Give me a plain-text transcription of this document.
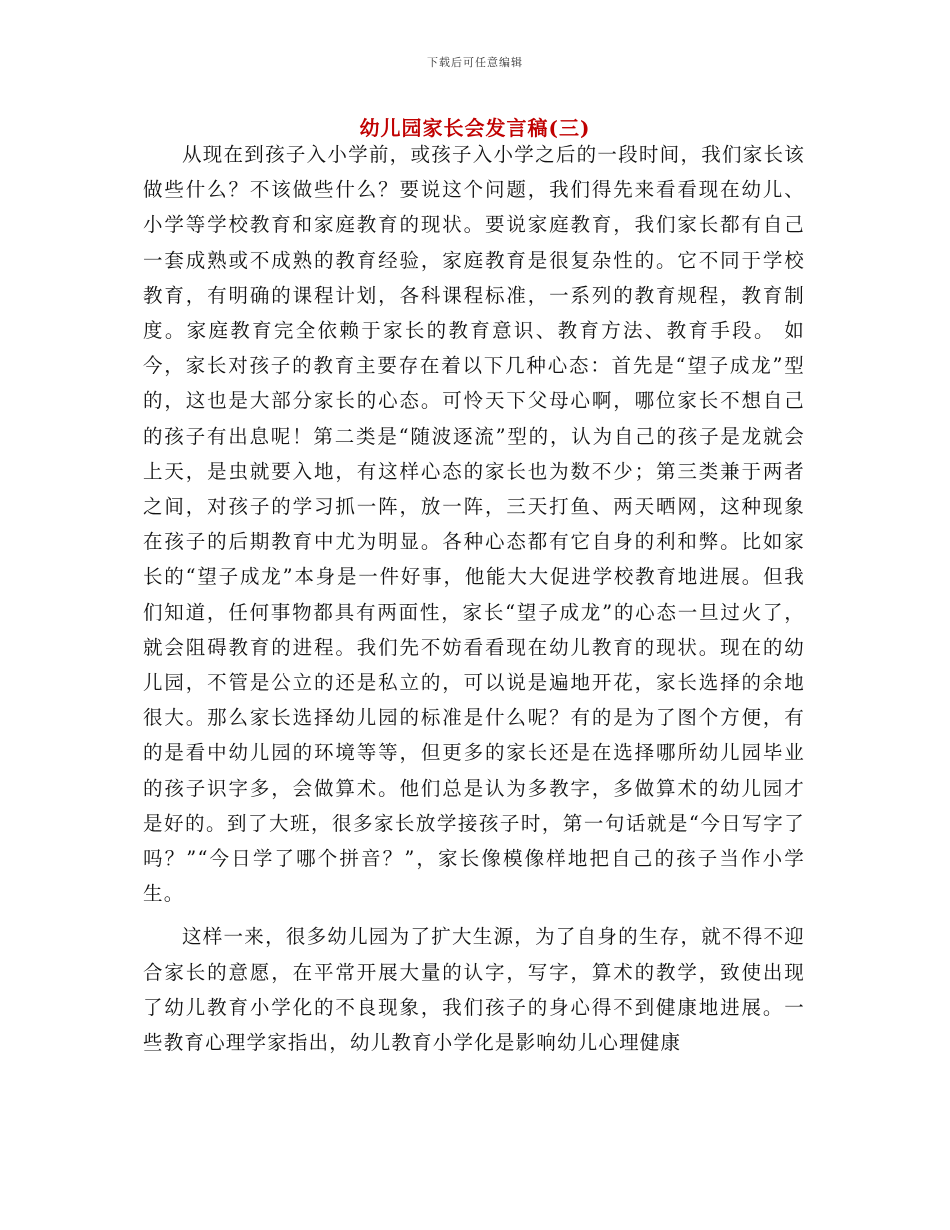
下载后可任意编辑
幼儿园家长会发言稿(三)

从现在到孩子入小学前，或孩子入小学之后的一段时间，我们家长该做些什么？不该做些什么？要说这个问题，我们得先来看看现在幼儿、小学等学校教育和家庭教育的现状。要说家庭教育，我们家长都有自己一套成熟或不成熟的教育经验，家庭教育是很复杂性的。它不同于学校教育，有明确的课程计划，各科课程标准，一系列的教育规程，教育制度。家庭教育完全依赖于家长的教育意识、教育方法、教育手段。 如今，家长对孩子的教育主要存在着以下几种心态：首先是“望子成龙”型的，这也是大部分家长的心态。可怜天下父母心啊，哪位家长不想自己的孩子有出息呢！第二类是“随波逐流”型的，认为自己的孩子是龙就会上天，是虫就要入地，有这样心态的家长也为数不少；第三类兼于两者之间，对孩子的学习抓一阵，放一阵，三天打鱼、两天晒网，这种现象在孩子的后期教育中尤为明显。各种心态都有它自身的利和弊。比如家长的“望子成龙”本身是一件好事，他能大大促进学校教育地进展。但我们知道，任何事物都具有两面性，家长“望子成龙”的心态一旦过火了，就会阻碍教育的进程。我们先不妨看看现在幼儿教育的现状。现在的幼儿园，不管是公立的还是私立的，可以说是遍地开花，家长选择的余地很大。那么家长选择幼儿园的标准是什么呢？有的是为了图个方便，有的是看中幼儿园的环境等等，但更多的家长还是在选择哪所幼儿园毕业的孩子识字多，会做算术。他们总是认为多教字，多做算术的幼儿园才是好的。到了大班，很多家长放学接孩子时，第一句话就是“今日写字了吗？”“今日学了哪个拼音？”，家长像模像样地把自己的孩子当作小学生。

这样一来，很多幼儿园为了扩大生源，为了自身的生存，就不得不迎合家长的意愿，在平常开展大量的认字，写字，算术的教学，致使出现了幼儿教育小学化的不良现象，我们孩子的身心得不到健康地进展。一些教育心理学家指出，幼儿教育小学化是影响幼儿心理健康
